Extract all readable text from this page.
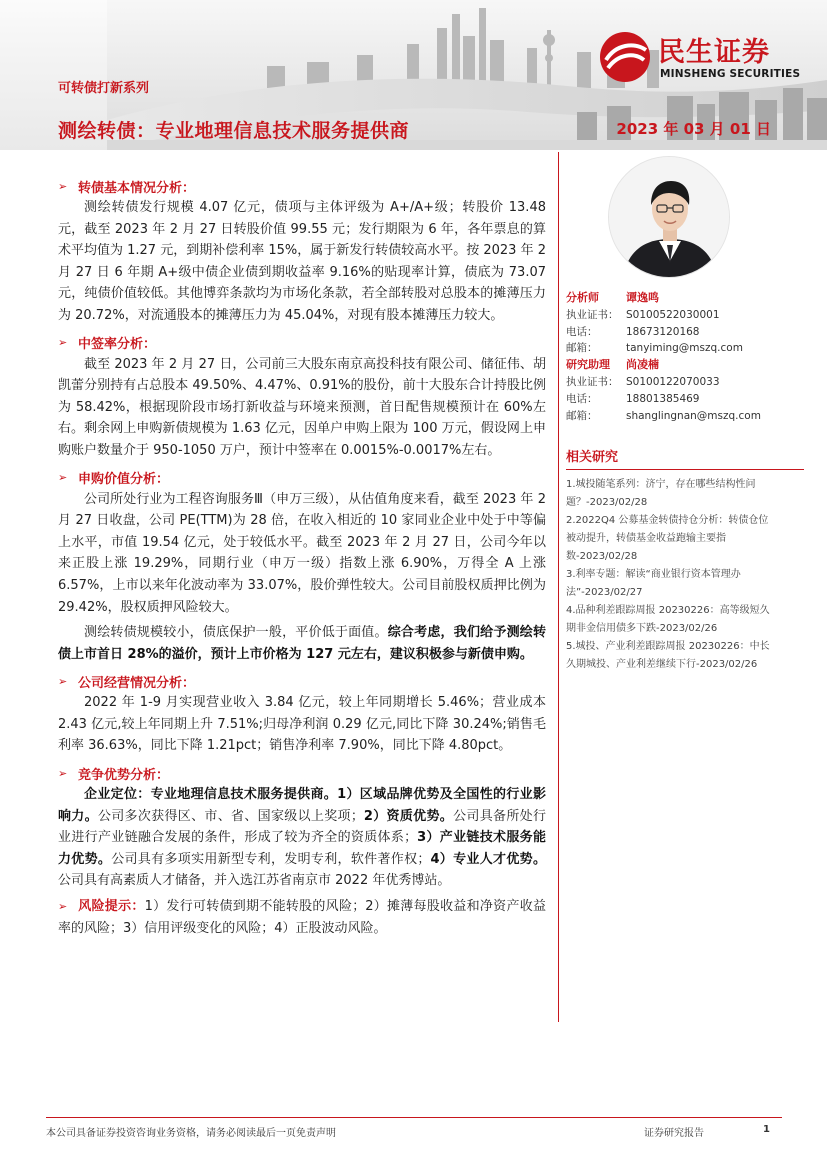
民生证券
MINSHENG SECURITIES
可转债打新系列
测绘转债：专业地理信息技术服务提供商	2023 年 03 月 01 日
➢ 转债基本情况分析：

测绘转债发行规模 4.07 亿元，债项与主体评级为 A+/A+级；转股价 13.48 元，截至 2023 年 2 月 27 日转股价值 99.55 元；发行期限为 6 年，各年票息的算术平均值为 1.27 元，到期补偿利率 15%，属于新发行转债较高水平。按 2023 年 2 月 27 日 6 年期 A+级中债企业债到期收益率 9.16%的贴现率计算，债底为 73.07 元，纯债价值较低。其他博弈条款均为市场化条款，若全部转股对总股本的摊薄压力为 20.72%，对流通股本的摊薄压力为 45.04%，对现有股本摊薄压力较大。

➢ 中签率分析：

截至 2023 年 2 月 27 日，公司前三大股东南京高投科技有限公司、储征伟、胡凯蕾分别持有占总股本 49.50%、4.47%、0.91%的股份，前十大股东合计持股比例为 58.42%，根据现阶段市场打新收益与环境来预测，首日配售规模预计在 60%左右。剩余网上申购新债规模为 1.63 亿元，因单户申购上限为 100 万元，假设网上申购账户数量介于 950-1050 万户，预计中签率在 0.0015%-0.0017%左右。

➢ 申购价值分析：

公司所处行业为工程咨询服务Ⅲ（申万三级），从估值角度来看，截至 2023 年 2 月 27 日收盘，公司 PE(TTM)为 28 倍，在收入相近的 10 家同业企业中处于中等偏上水平，市值 19.54 亿元，处于较低水平。截至 2023 年 2 月 27 日，公司今年以来正股上涨 19.29%，同期行业（申万一级）指数上涨 6.90%，万得全 A 上涨 6.57%，上市以来年化波动率为 33.07%，股价弹性较大。公司目前股权质押比例为 29.42%，股权质押风险较大。

测绘转债规模较小，债底保护一般，平价低于面值。综合考虑，我们给予测绘转债上市首日 28%的溢价，预计上市价格为 127 元左右，建议积极参与新债申购。

➢ 公司经营情况分析：

2022 年 1-9 月实现营业收入 3.84 亿元，较上年同期增长 5.46%；营业成本 2.43 亿元,较上年同期上升 7.51%;归母净利润 0.29 亿元,同比下降 30.24%;销售毛利率 36.63%，同比下降 1.21pct；销售净利率 7.90%，同比下降 4.80pct。

➢ 竞争优势分析：

企业定位：专业地理信息技术服务提供商。1）区域品牌优势及全国性的行业影响力。公司多次获得区、市、省、国家级以上奖项；2）资质优势。公司具备所处行业进行产业链融合发展的条件，形成了较为齐全的资质体系；3）产业链技术服务能力优势。公司具有多项实用新型专利，发明专利，软件著作权；4）专业人才优势。公司具有高素质人才储备，并入选江苏省南京市 2022 年优秀博站。

➢ 风险提示：1）发行可转债到期不能转股的风险；2）摊薄每股收益和净资产收益率的风险；3）信用评级变化的风险；4）正股波动风险。

分析师	谭逸鸣
执业证书： S0100522030001
电话：	18673120168
邮箱：	tanyiming@mszq.com
研究助理	尚凌楠
执业证书： S0100122070033
电话：	18801385469
邮箱：	shanglingnan@mszq.com
相关研究
1.城投随笔系列：济宁，存在哪些结构性问题？-2023/02/28
2.2022Q4 公募基金转债持仓分析：转债仓位被动提升，转债基金收益跑输主要指数-2023/02/28
3.利率专题：解读“商业银行资本管理办法”-2023/02/27
4.品种利差跟踪周报 20230226：高等级短久期非金信用债多下跌-2023/02/26
5.城投、产业利差跟踪周报 20230226：中长久期城投、产业利差继续下行-2023/02/26
本公司具备证券投资咨询业务资格，请务必阅读最后一页免责声明	证券研究报告	1
